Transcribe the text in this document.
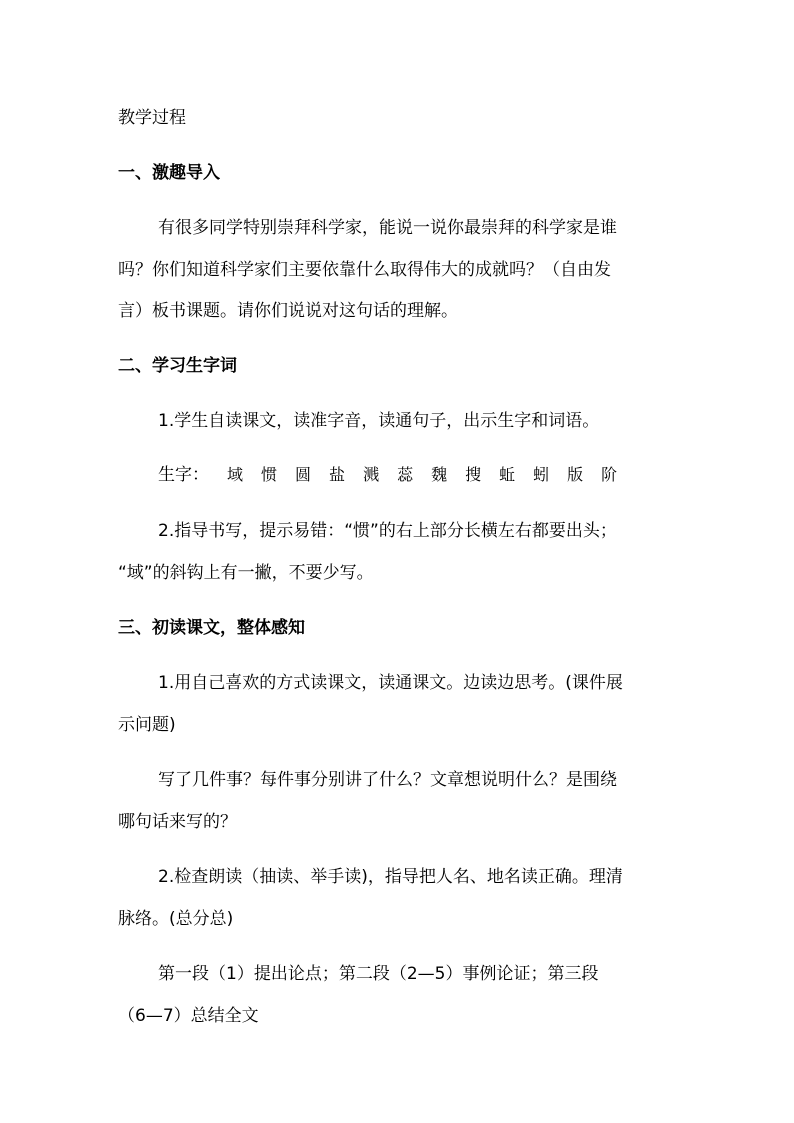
教学过程
一、激趣导入
有很多同学特别崇拜科学家，能说一说你最崇拜的科学家是谁
吗？你们知道科学家们主要依靠什么取得伟大的成就吗？（自由发
言）板书课题。请你们说说对这句话的理解。
二、学习生字词
1.学生自读课文，读准字音，读通句子，出示生字和词语。
生字： 域 惯 圆 盐 溅 蕊 魏 搜 蚯 蚓 版 阶
2.指导书写，提示易错：“惯”的右上部分长横左右都要出头；
“域”的斜钩上有一撇，不要少写。
三、初读课文，整体感知
1.用自己喜欢的方式读课文，读通课文。边读边思考。(课件展
示问题)
写了几件事？每件事分别讲了什么？文章想说明什么？是围绕
哪句话来写的？
2.检查朗读（抽读、举手读)，指导把人名、地名读正确。理清
脉络。(总分总)
第一段（1）提出论点；第二段（2—5）事例论证；第三段
（6—7）总结全文
